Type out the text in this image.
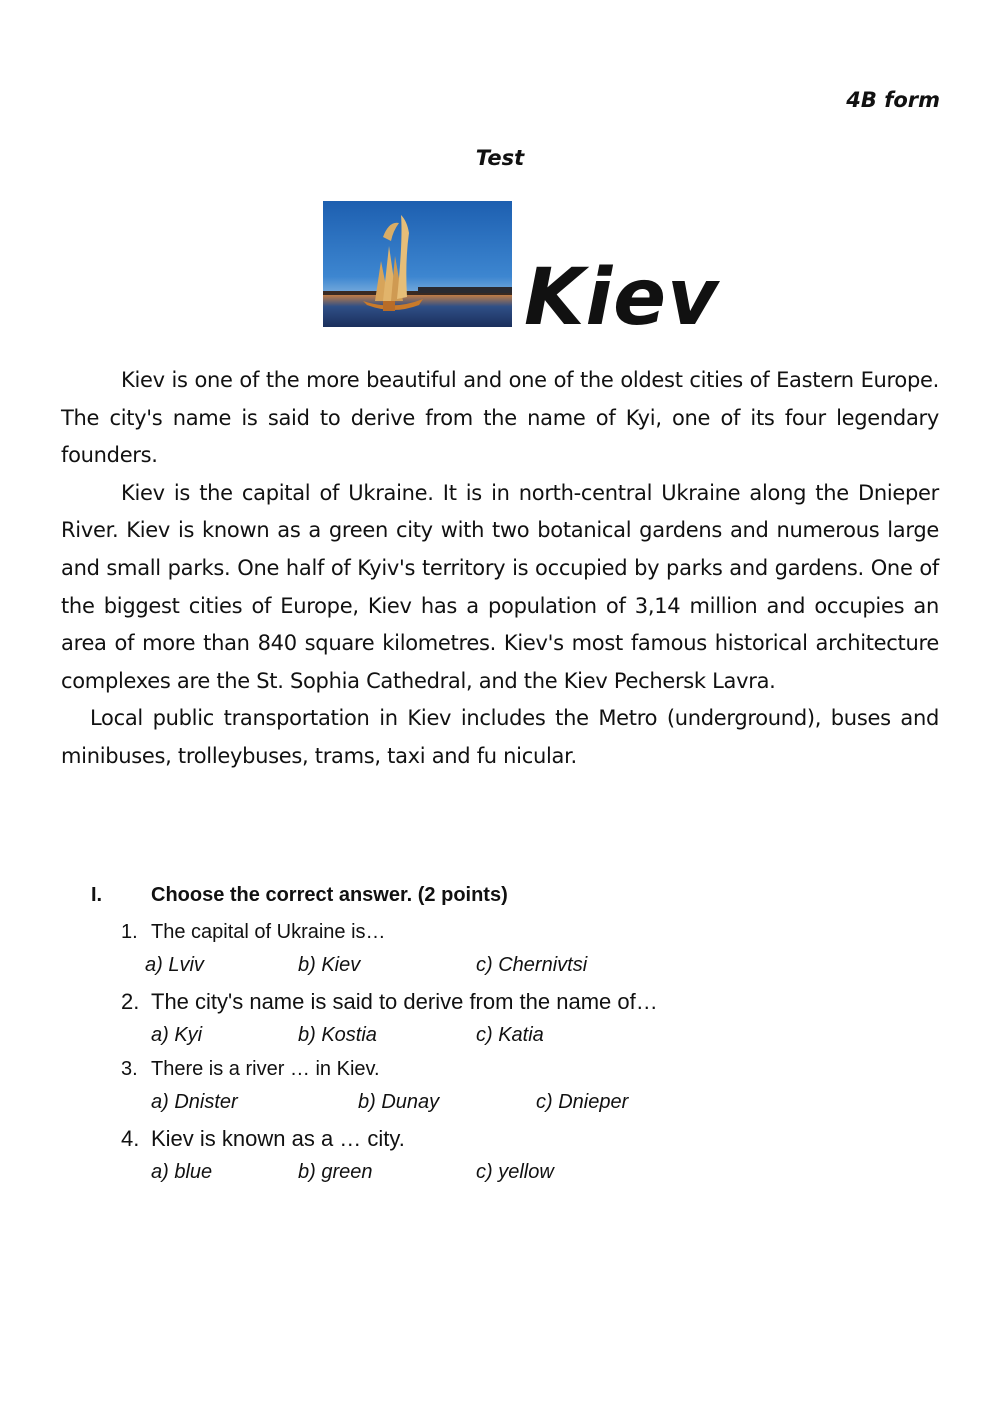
4B form
Test
Kiev

Kiev is one of the more beautiful and one of the oldest cities of Eastern Europe. The city's name is said to derive from the name of Kyi, one of its four legendary founders.

Kiev is the capital of Ukraine. It is in north-central Ukraine along the Dnieper River. Kiev is known as a green city with two botanical gardens and numerous large and small parks. One half of Kyiv's territory is occupied by parks and gardens. One of the biggest cities of Europe, Kiev has a population of 3,14 million and occupies an area of more than 840 square kilometres. Kiev's most famous historical architecture complexes are the St. Sophia Cathedral, and the Kiev Pechersk Lavra.

Local public transportation in Kiev includes the Metro (underground), buses and minibuses, trolleybuses, trams, taxi and fu nicular.

I. Choose the correct answer. (2 points)
1. The capital of Ukraine is…
a) Lviv	b) Kiev	c) Chernivtsi
2. The city's name is said to derive from the name of…
a) Kyi	b) Kostia	c) Katia
3. There is a river … in Kiev.
a) Dnister	b) Dunay	c) Dnieper
4. Kiev is known as a … city.
a) blue	b) green	c) yellow
